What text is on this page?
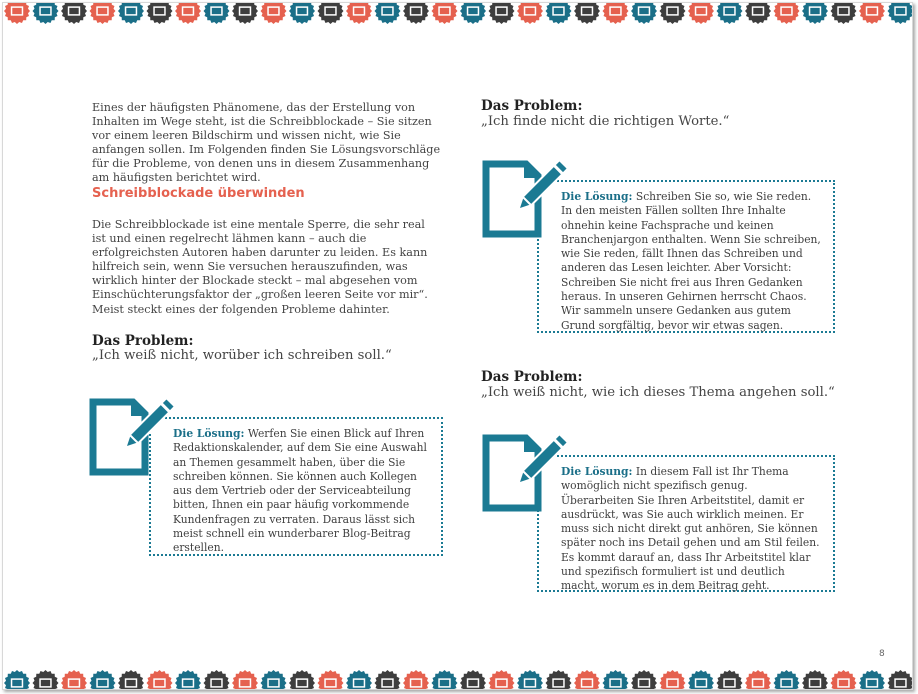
Eines der häufigsten Phänomene, das der Erstellung von Inhalten im Wege steht, ist die Schreibblockade – Sie sitzen vor einem leeren Bildschirm und wissen nicht, wie Sie anfangen sollen. Im Folgenden finden Sie Lösungsvorschläge für die Probleme, von denen uns in diesem Zusammenhang am häufigsten berichtet wird.

Schreibblockade überwinden

Die Schreibblockade ist eine mentale Sperre, die sehr real ist und einen regelrecht lähmen kann – auch die erfolgreichsten Autoren haben darunter zu leiden. Es kann hilfreich sein, wenn Sie versuchen herauszufinden, was wirklich hinter der Blockade steckt – mal abgesehen vom Einschüchterungsfaktor der „großen leeren Seite vor mir“. Meist steckt eines der folgenden Probleme dahinter.

Das Problem:
„Ich weiß nicht, worüber ich schreiben soll.“
Das Problem:
„Ich finde nicht die richtigen Worte.“
Das Problem:
„Ich weiß nicht, wie ich dieses Thema angehen soll.“
Die Lösung: Werfen Sie einen Blick auf Ihren Redaktionskalender, auf dem Sie eine Auswahl an Themen gesammelt haben, über die Sie schreiben können. Sie können auch Kollegen aus dem Vertrieb oder der Serviceabteilung bitten, Ihnen ein paar häufig vorkommende Kundenfragen zu verraten. Daraus lässt sich meist schnell ein wunderbarer Blog-Beitrag erstellen.
Die Lösung: Schreiben Sie so, wie Sie reden. In den meisten Fällen sollten Ihre Inhalte ohnehin keine Fachsprache und keinen Branchenjargon enthalten. Wenn Sie schreiben, wie Sie reden, fällt Ihnen das Schreiben und anderen das Lesen leichter. Aber Vorsicht: Schreiben Sie nicht frei aus Ihren Gedanken heraus. In unseren Gehirnen herrscht Chaos. Wir sammeln unsere Gedanken aus gutem Grund sorgfältig, bevor wir etwas sagen.
Die Lösung: In diesem Fall ist Ihr Thema womöglich nicht spezifisch genug. Überarbeiten Sie Ihren Arbeitstitel, damit er ausdrückt, was Sie auch wirklich meinen. Er muss sich nicht direkt gut anhören, Sie können später noch ins Detail gehen und am Stil feilen. Es kommt darauf an, dass Ihr Arbeitstitel klar und spezifisch formuliert ist und deutlich macht, worum es in dem Beitrag geht.
8
